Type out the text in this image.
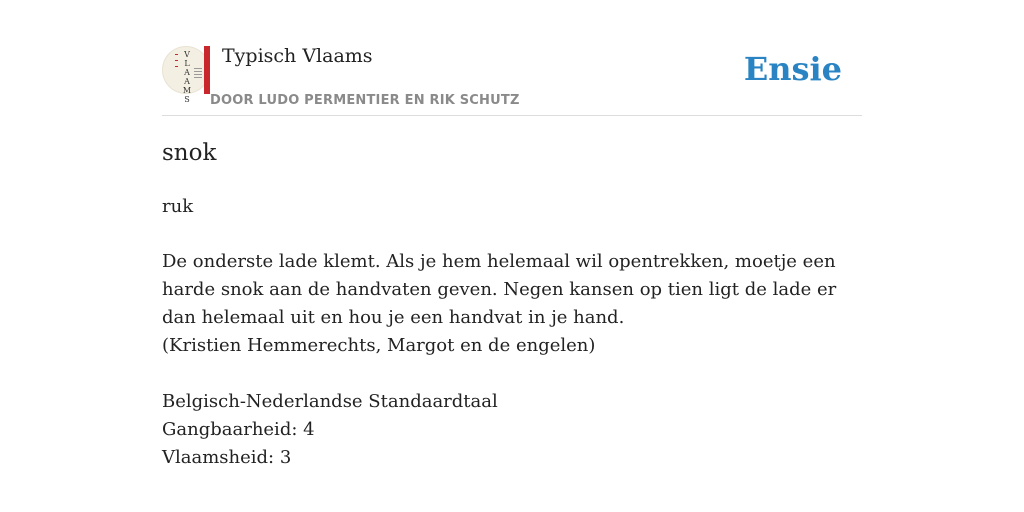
V
L
A
A
M
S
Typisch Vlaams
DOOR LUDO PERMENTIER EN RIK SCHUTZ
Ensie
snok
ruk
De onderste lade klemt. Als je hem helemaal wil opentrekken, moetje een harde snok aan de handvaten geven. Negen kansen op tien ligt de lade er dan helemaal uit en hou je een handvat in je hand.
(Kristien Hemmerechts, Margot en de engelen)
Belgisch-Nederlandse Standaardtaal
Gangbaarheid: 4
Vlaamsheid: 3
